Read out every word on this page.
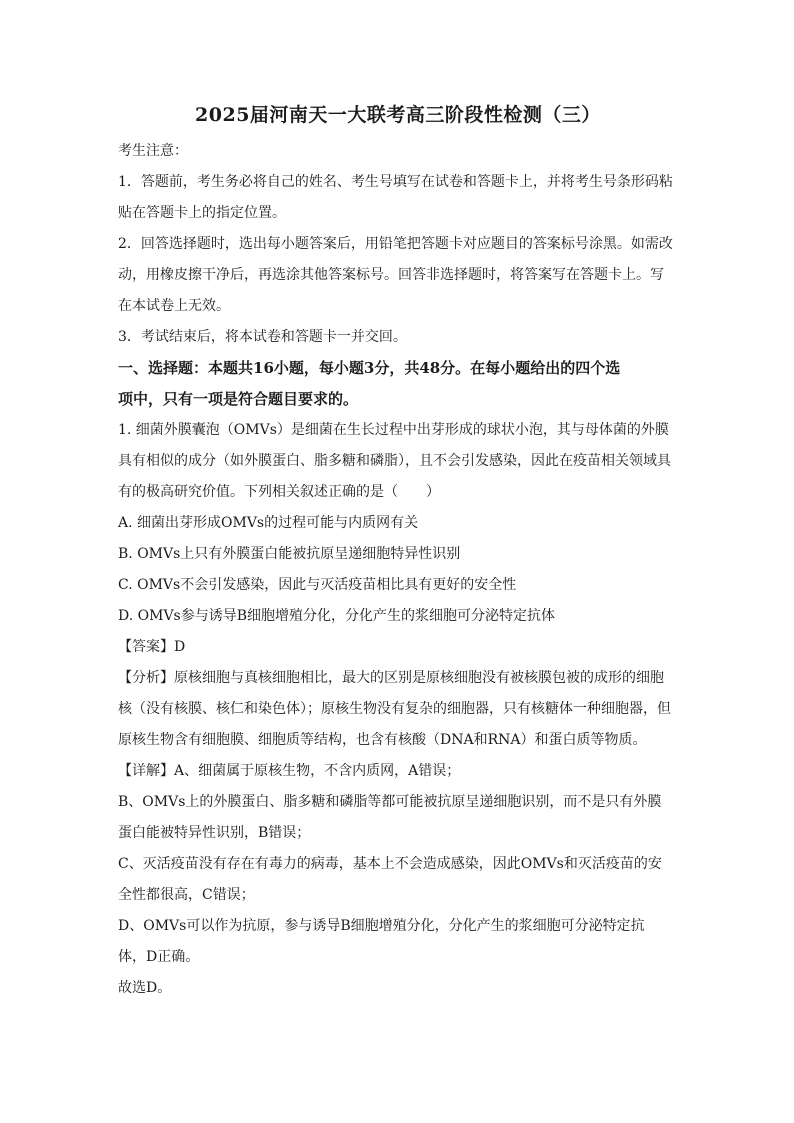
2025届河南天一大联考高三阶段性检测（三）

考生注意：

1．答题前，考生务必将自己的姓名、考生号填写在试卷和答题卡上，并将考生号条形码粘

贴在答题卡上的指定位置。

2．回答选择题时，选出每小题答案后，用铅笔把答题卡对应题目的答案标号涂黑。如需改

动，用橡皮擦干净后，再选涂其他答案标号。回答非选择题时，将答案写在答题卡上。写

在本试卷上无效。

3．考试结束后，将本试卷和答题卡一并交回。

一、选择题：本题共16小题，每小题3分，共48分。在每小题给出的四个选

项中，只有一项是符合题目要求的。

1. 细菌外膜囊泡（OMVs）是细菌在生长过程中出芽形成的球状小泡，其与母体菌的外膜

具有相似的成分（如外膜蛋白、脂多糖和磷脂），且不会引发感染，因此在疫苗相关领域具

有的极高研究价值。下列相关叙述正确的是（　　）

A. 细菌出芽形成OMVs的过程可能与内质网有关

B. OMVs上只有外膜蛋白能被抗原呈递细胞特异性识别

C. OMVs不会引发感染，因此与灭活疫苗相比具有更好的安全性

D. OMVs参与诱导B细胞增殖分化，分化产生的浆细胞可分泌特定抗体

【答案】D

【分析】原核细胞与真核细胞相比，最大的区别是原核细胞没有被核膜包被的成形的细胞

核（没有核膜、核仁和染色体）；原核生物没有复杂的细胞器，只有核糖体一种细胞器，但

原核生物含有细胞膜、细胞质等结构，也含有核酸（DNA和RNA）和蛋白质等物质。

【详解】A、细菌属于原核生物，不含内质网，A错误；

B、OMVs上的外膜蛋白、脂多糖和磷脂等都可能被抗原呈递细胞识别，而不是只有外膜

蛋白能被特异性识别，B错误；

C、灭活疫苗没有存在有毒力的病毒，基本上不会造成感染，因此OMVs和灭活疫苗的安

全性都很高，C错误；

D、OMVs可以作为抗原，参与诱导B细胞增殖分化，分化产生的浆细胞可分泌特定抗

体，D正确。

故选D。
